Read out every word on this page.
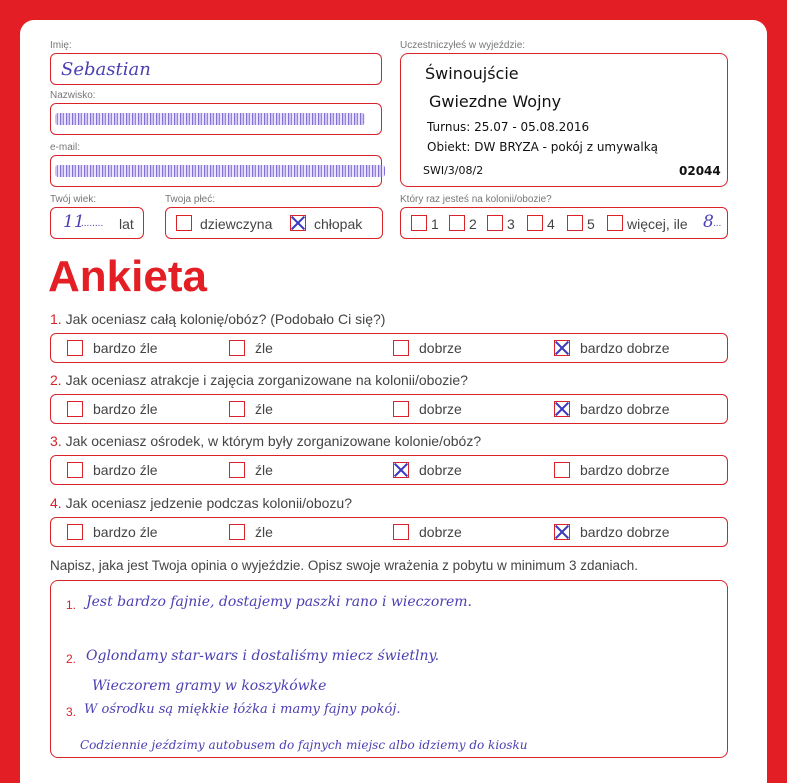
Imię:
Sebastian
Nazwisko:
e-mail:
Uczestniczyłeś w wyjeździe:
Świnoujście
Gwiezdne Wojny
Turnus: 25.07 - 05.08.2016
Obiekt: DW BRYZA - pokój z umywalką
SWI/3/08/2	02044
Twój wiek:
11
........ lat
Twoja płeć:
dziewczyna	chłopak
Który raz jesteś na kolonii/obozie?
1 2 3 4 5 więcej, ile 8 ...
Ankieta
1. Jak oceniasz całą kolonię/obóz? (Podobało Ci się?)
bardzo źle	źle	dobrze	bardzo dobrze
2. Jak oceniasz atrakcje i zajęcia zorganizowane na kolonii/obozie?
bardzo źle	źle	dobrze	bardzo dobrze
3. Jak oceniasz ośrodek, w którym były zorganizowane kolonie/obóz?
bardzo źle	źle	dobrze	bardzo dobrze
4. Jak oceniasz jedzenie podczas kolonii/obozu?
bardzo źle	źle	dobrze	bardzo dobrze
Napisz, jaka jest Twoja opinia o wyjeździe. Opisz swoje wrażenia z pobytu w minimum 3 zdaniach.
1.
2.
3.
Jest bardzo fajnie, dostajemy paszki rano i wieczorem.
Oglondamy star-wars i dostaliśmy miecz świetlny.
Wieczorem gramy w koszykówke
W ośrodku są miękkie łóżka i mamy fajny pokój.
Codziennie jeździmy autobusem do fajnych miejsc albo idziemy do kiosku
